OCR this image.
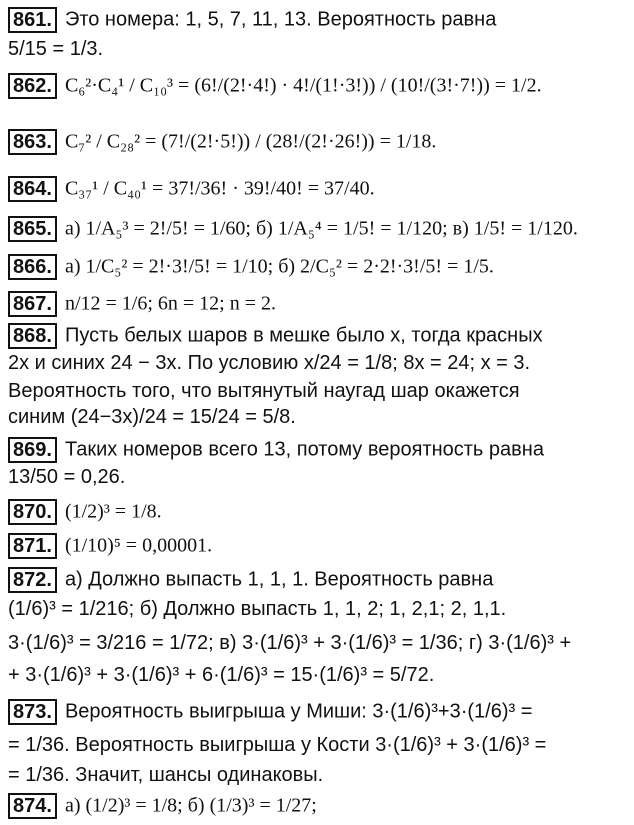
861. Это номера: 1, 5, 7, 11, 13. Вероятность равна
5/15 = 1/3.
862. C₆²·C₄¹ / C₁₀³ = (6!/(2!·4!) · 4!/(1!·3!)) / (10!/(3!·7!)) = 1/2.
863. C₇² / C₂₈² = (7!/(2!·5!)) / (28!/(2!·26!)) = 1/18.
864. C₃₇¹ / C₄₀¹ = 37!/36! · 39!/40! = 37/40.
865. а) 1/A₅³ = 2!/5! = 1/60; б) 1/A₅⁴ = 1/5! = 1/120; в) 1/5! = 1/120.
866. а) 1/C₅² = 2!·3!/5! = 1/10; б) 2/C₅² = 2·2!·3!/5! = 1/5.
867. n/12 = 1/6; 6n = 12; n = 2.
868. Пусть белых шаров в мешке было x, тогда красных
2x и синих 24 − 3x. По условию x/24 = 1/8; 8x = 24; x = 3.
Вероятность того, что вытянутый наугад шар окажется
синим (24−3x)/24 = 15/24 = 5/8.
869. Таких номеров всего 13, потому вероятность равна
13/50 = 0,26.
870. (1/2)³ = 1/8.
871. (1/10)⁵ = 0,00001.
872. а) Должно выпасть 1, 1, 1. Вероятность равна
(1/6)³ = 1/216; б) Должно выпасть 1, 1, 2; 1, 2,1; 2, 1,1.
3·(1/6)³ = 3/216 = 1/72; в) 3·(1/6)³ + 3·(1/6)³ = 1/36; г) 3·(1/6)³ +
+ 3·(1/6)³ + 3·(1/6)³ + 6·(1/6)³ = 15·(1/6)³ = 5/72.
873. Вероятность выигрыша у Миши: 3·(1/6)³+3·(1/6)³ =
= 1/36. Вероятность выигрыша у Кости 3·(1/6)³ + 3·(1/6)³ =
= 1/36. Значит, шансы одинаковы.
874. а) (1/2)³ = 1/8; б) (1/3)³ = 1/27;
